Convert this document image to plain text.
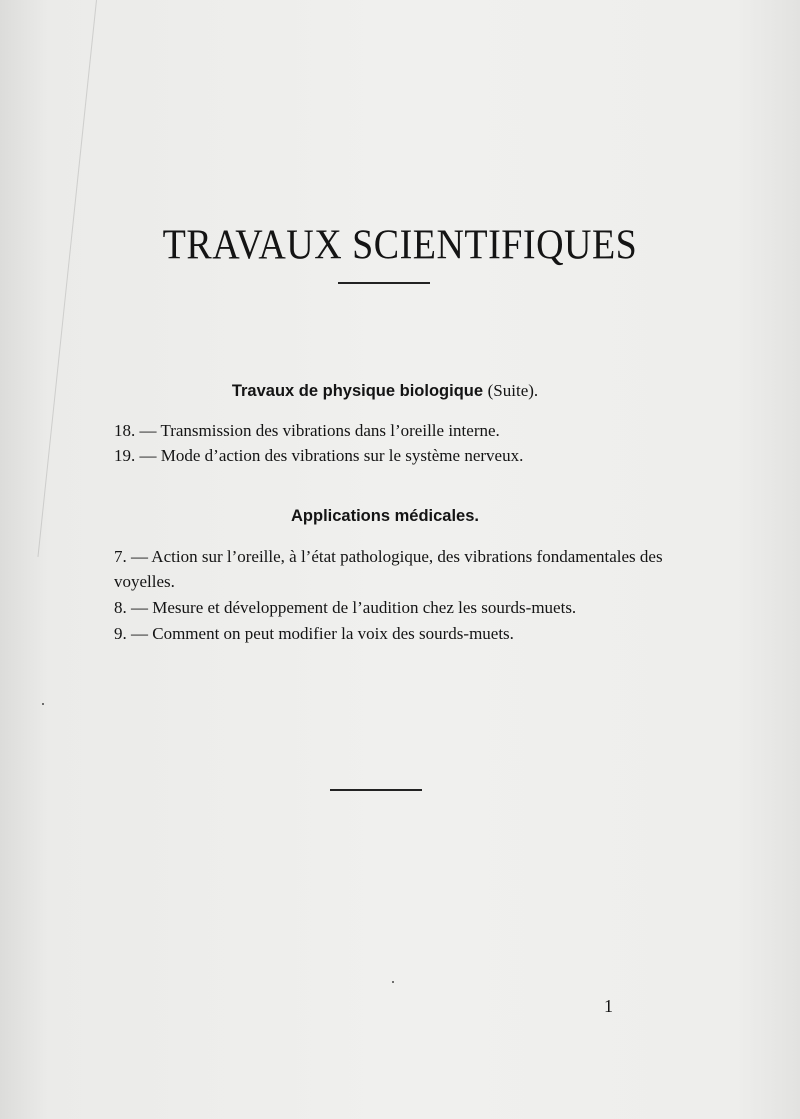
TRAVAUX SCIENTIFIQUES
Travaux de physique biologique (Suite).
18. — Transmission des vibrations dans l’oreille interne.
19. — Mode d’action des vibrations sur le système nerveux.
Applications médicales.
7. — Action sur l’oreille, à l’état pathologique, des vibrations fondamentales des voyelles.
8. — Mesure et développement de l’audition chez les sourds-muets.
9. — Comment on peut modifier la voix des sourds-muets.
1
